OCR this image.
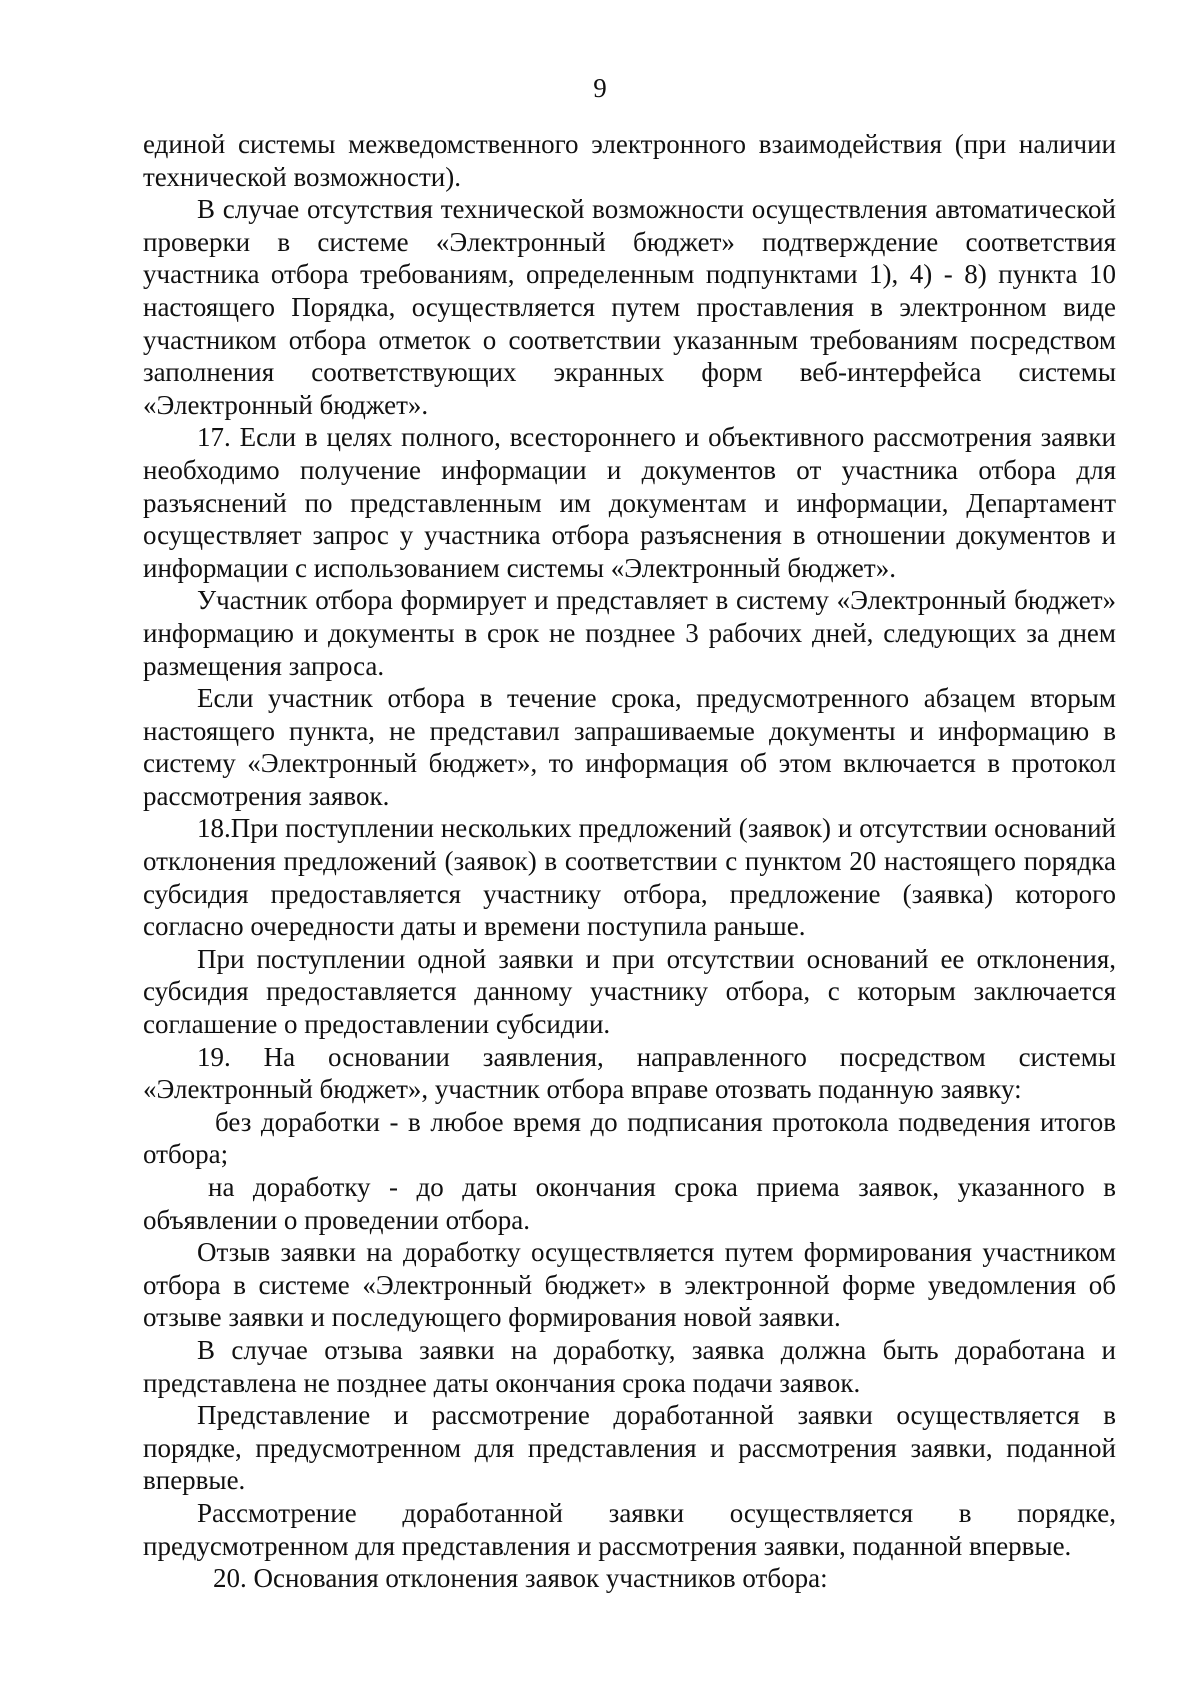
9

единой системы межведомственного электронного взаимодействия (при наличии технической возможности).

В случае отсутствия технической возможности осуществления автоматической проверки в системе «Электронный бюджет» подтверждение соответствия участника отбора требованиям, определенным подпунктами 1), 4) - 8) пункта 10 настоящего Порядка, осуществляется путем проставления в электронном виде участником отбора отметок о соответствии указанным требованиям посредством заполнения соответствующих экранных форм веб-интерфейса системы «Электронный бюджет».

17. Если в целях полного, всестороннего и объективного рассмотрения заявки необходимо получение информации и документов от участника отбора для разъяснений по представленным им документам и информации, Департамент осуществляет запрос у участника отбора разъяснения в отношении документов и информации с использованием системы «Электронный бюджет».

Участник отбора формирует и представляет в систему «Электронный бюджет» информацию и документы в срок не позднее 3 рабочих дней, следующих за днем размещения запроса.

Если участник отбора в течение срока, предусмотренного абзацем вторым настоящего пункта, не представил запрашиваемые документы и информацию в систему «Электронный бюджет», то информация об этом включается в протокол рассмотрения заявок.

18.При поступлении нескольких предложений (заявок) и отсутствии оснований отклонения предложений (заявок) в соответствии с пунктом 20 настоящего порядка субсидия предоставляется участнику отбора, предложение (заявка) которого согласно очередности даты и времени поступила раньше.

При поступлении одной заявки и при отсутствии оснований ее отклонения, субсидия предоставляется данному участнику отбора, с которым заключается соглашение о предоставлении субсидии.

19. На основании заявления, направленного посредством системы «Электронный бюджет», участник отбора вправе отозвать поданную заявку:

без доработки - в любое время до подписания протокола подведения итогов отбора;

на доработку - до даты окончания срока приема заявок, указанного в объявлении о проведении отбора.

Отзыв заявки на доработку осуществляется путем формирования участником отбора в системе «Электронный бюджет» в электронной форме уведомления об отзыве заявки и последующего формирования новой заявки.

В случае отзыва заявки на доработку, заявка должна быть доработана и представлена не позднее даты окончания срока подачи заявок.

Представление и рассмотрение доработанной заявки осуществляется в порядке, предусмотренном для представления и рассмотрения заявки, поданной впервые.

Рассмотрение доработанной заявки осуществляется в порядке, предусмотренном для представления и рассмотрения заявки, поданной впервые.

20. Основания отклонения заявок участников отбора:
